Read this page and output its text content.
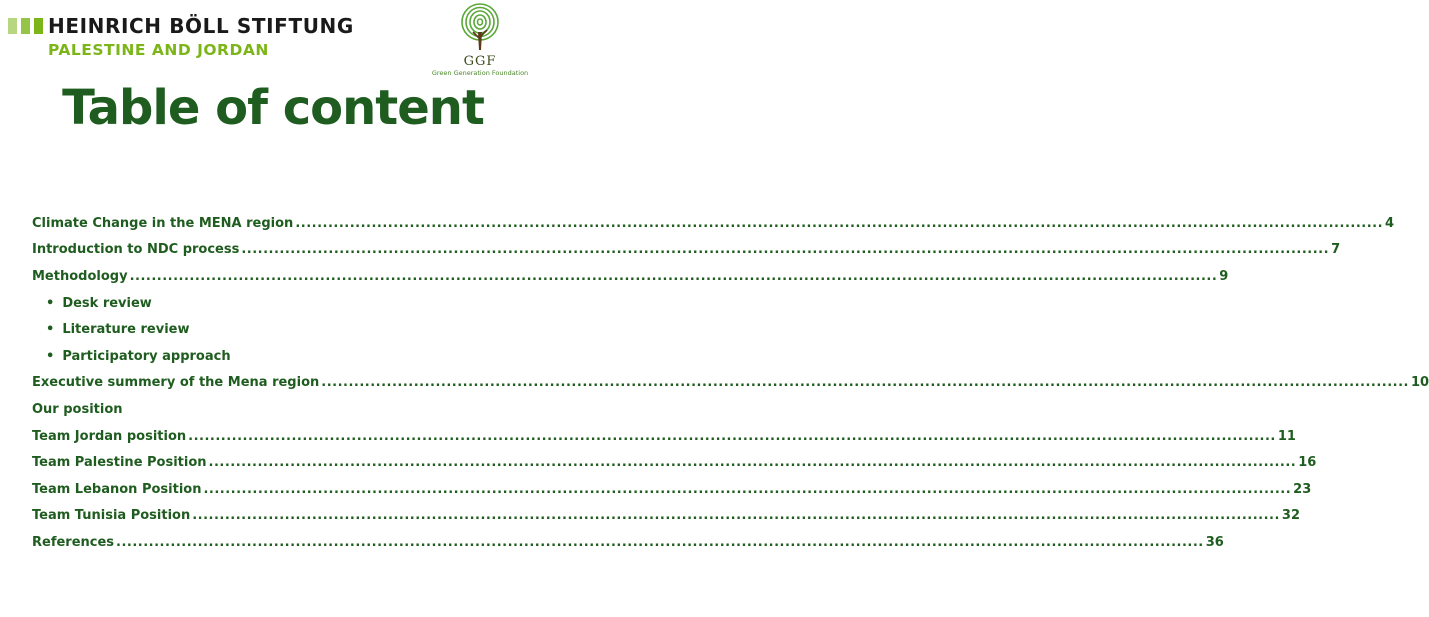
HEINRICH BÖLL STIFTUNG
PALESTINE AND JORDAN
GGF
Green Generation Foundation
Table of content
Climate Change in the MENA region ........................................................................................................................................................................................................ 4
Introduction to NDC process ........................................................................................................................................................................................................ 7
Methodology ........................................................................................................................................................................................................ 9
• Desk review
• Literature review
• Participatory approach
Executive summery of the Mena region ........................................................................................................................................................................................................ 10
Our position
Team Jordan position ........................................................................................................................................................................................................ 11
Team Palestine Position ........................................................................................................................................................................................................ 16
Team Lebanon Position ........................................................................................................................................................................................................ 23
Team Tunisia Position ........................................................................................................................................................................................................ 32
References ........................................................................................................................................................................................................ 36
